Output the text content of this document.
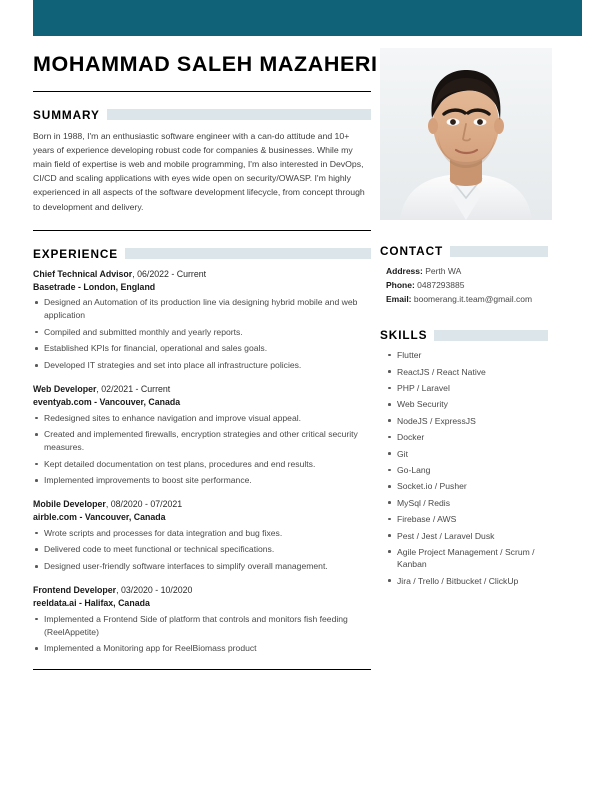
MOHAMMAD SALEH MAZAHERI
SUMMARY

Born in 1988, I'm an enthusiastic software engineer with a can-do attitude and 10+ years of experience developing robust code for companies & businesses. While my main field of expertise is web and mobile programming, I'm also interested in DevOps, CI/CD and scaling applications with eyes wide open on security/OWASP. I'm highly experienced in all aspects of the software development lifecycle, from concept through to development and delivery.

EXPERIENCE
Chief Technical Advisor, 06/2022 - Current
Basetrade - London, England
Designed an Automation of its production line via designing hybrid mobile and web application
Compiled and submitted monthly and yearly reports.
Established KPIs for financial, operational and sales goals.
Developed IT strategies and set into place all infrastructure policies.
Web Developer, 02/2021 - Current
eventyab.com - Vancouver, Canada
Redesigned sites to enhance navigation and improve visual appeal.
Created and implemented firewalls, encryption strategies and other critical security measures.
Kept detailed documentation on test plans, procedures and end results.
Implemented improvements to boost site performance.
Mobile Developer, 08/2020 - 07/2021
airble.com - Vancouver, Canada
Wrote scripts and processes for data integration and bug fixes.
Delivered code to meet functional or technical specifications.
Designed user-friendly software interfaces to simplify overall management.
Frontend Developer, 03/2020 - 10/2020
reeldata.ai - Halifax, Canada
Implemented a Frontend Side of platform that controls and monitors fish feeding (ReelAppetite)
Implemented a Monitoring app for ReelBiomass product
CONTACT
Address: Perth WA
Phone: 0487293885
Email: boomerang.it.team@gmail.com
SKILLS
Flutter
ReactJS / React Native
PHP / Laravel
Web Security
NodeJS / ExpressJS
Docker
Git
Go-Lang
Socket.io / Pusher
MySql / Redis
Firebase / AWS
Pest / Jest / Laravel Dusk
Agile Project Management / Scrum / Kanban
Jira / Trello / Bitbucket / ClickUp
